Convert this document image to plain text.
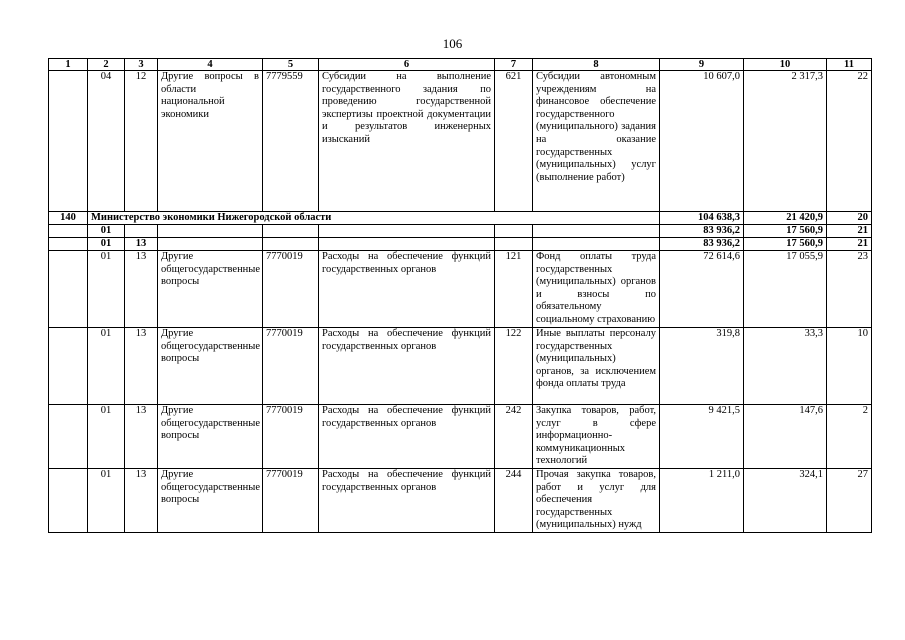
106
1	2	3	4	5	6	7	8	9	10	11
	04	12	Другие вопросы в области национальной экономики	7779559	Субсидии на выполнение государственного задания по проведению государственной экспертизы проектной документации и результатов инженерных изысканий	621	Субсидии автономным учреждениям на финансовое обеспечение государственного (муниципального) задания на оказание государственных (муниципальных) услуг (выполнение работ)	10 607,0	2 317,3	22
140	Министерство экономики Нижегородской области							104 638,3	21 420,9	20
	01							83 936,2	17 560,9	21
	01	13						83 936,2	17 560,9	21
	01	13	Другие общегосударственные вопросы	7770019	Расходы на обеспечение функций государственных органов	121	Фонд оплаты труда государственных (муниципальных) органов и взносы по обязательному социальному страхованию	72 614,6	17 055,9	23
	01	13	Другие общегосударственные вопросы	7770019	Расходы на обеспечение функций государственных органов	122	Иные выплаты персоналу государственных (муниципальных) органов, за исключением фонда оплаты труда	319,8	33,3	10
	01	13	Другие общегосударственные вопросы	7770019	Расходы на обеспечение функций государственных органов	242	Закупка товаров, работ, услуг в сфере информационно-коммуникационных технологий	9 421,5	147,6	2
	01	13	Другие общегосударственные вопросы	7770019	Расходы на обеспечение функций государственных органов	244	Прочая закупка товаров, работ и услуг для обеспечения государственных (муниципальных) нужд	1 211,0	324,1	27
